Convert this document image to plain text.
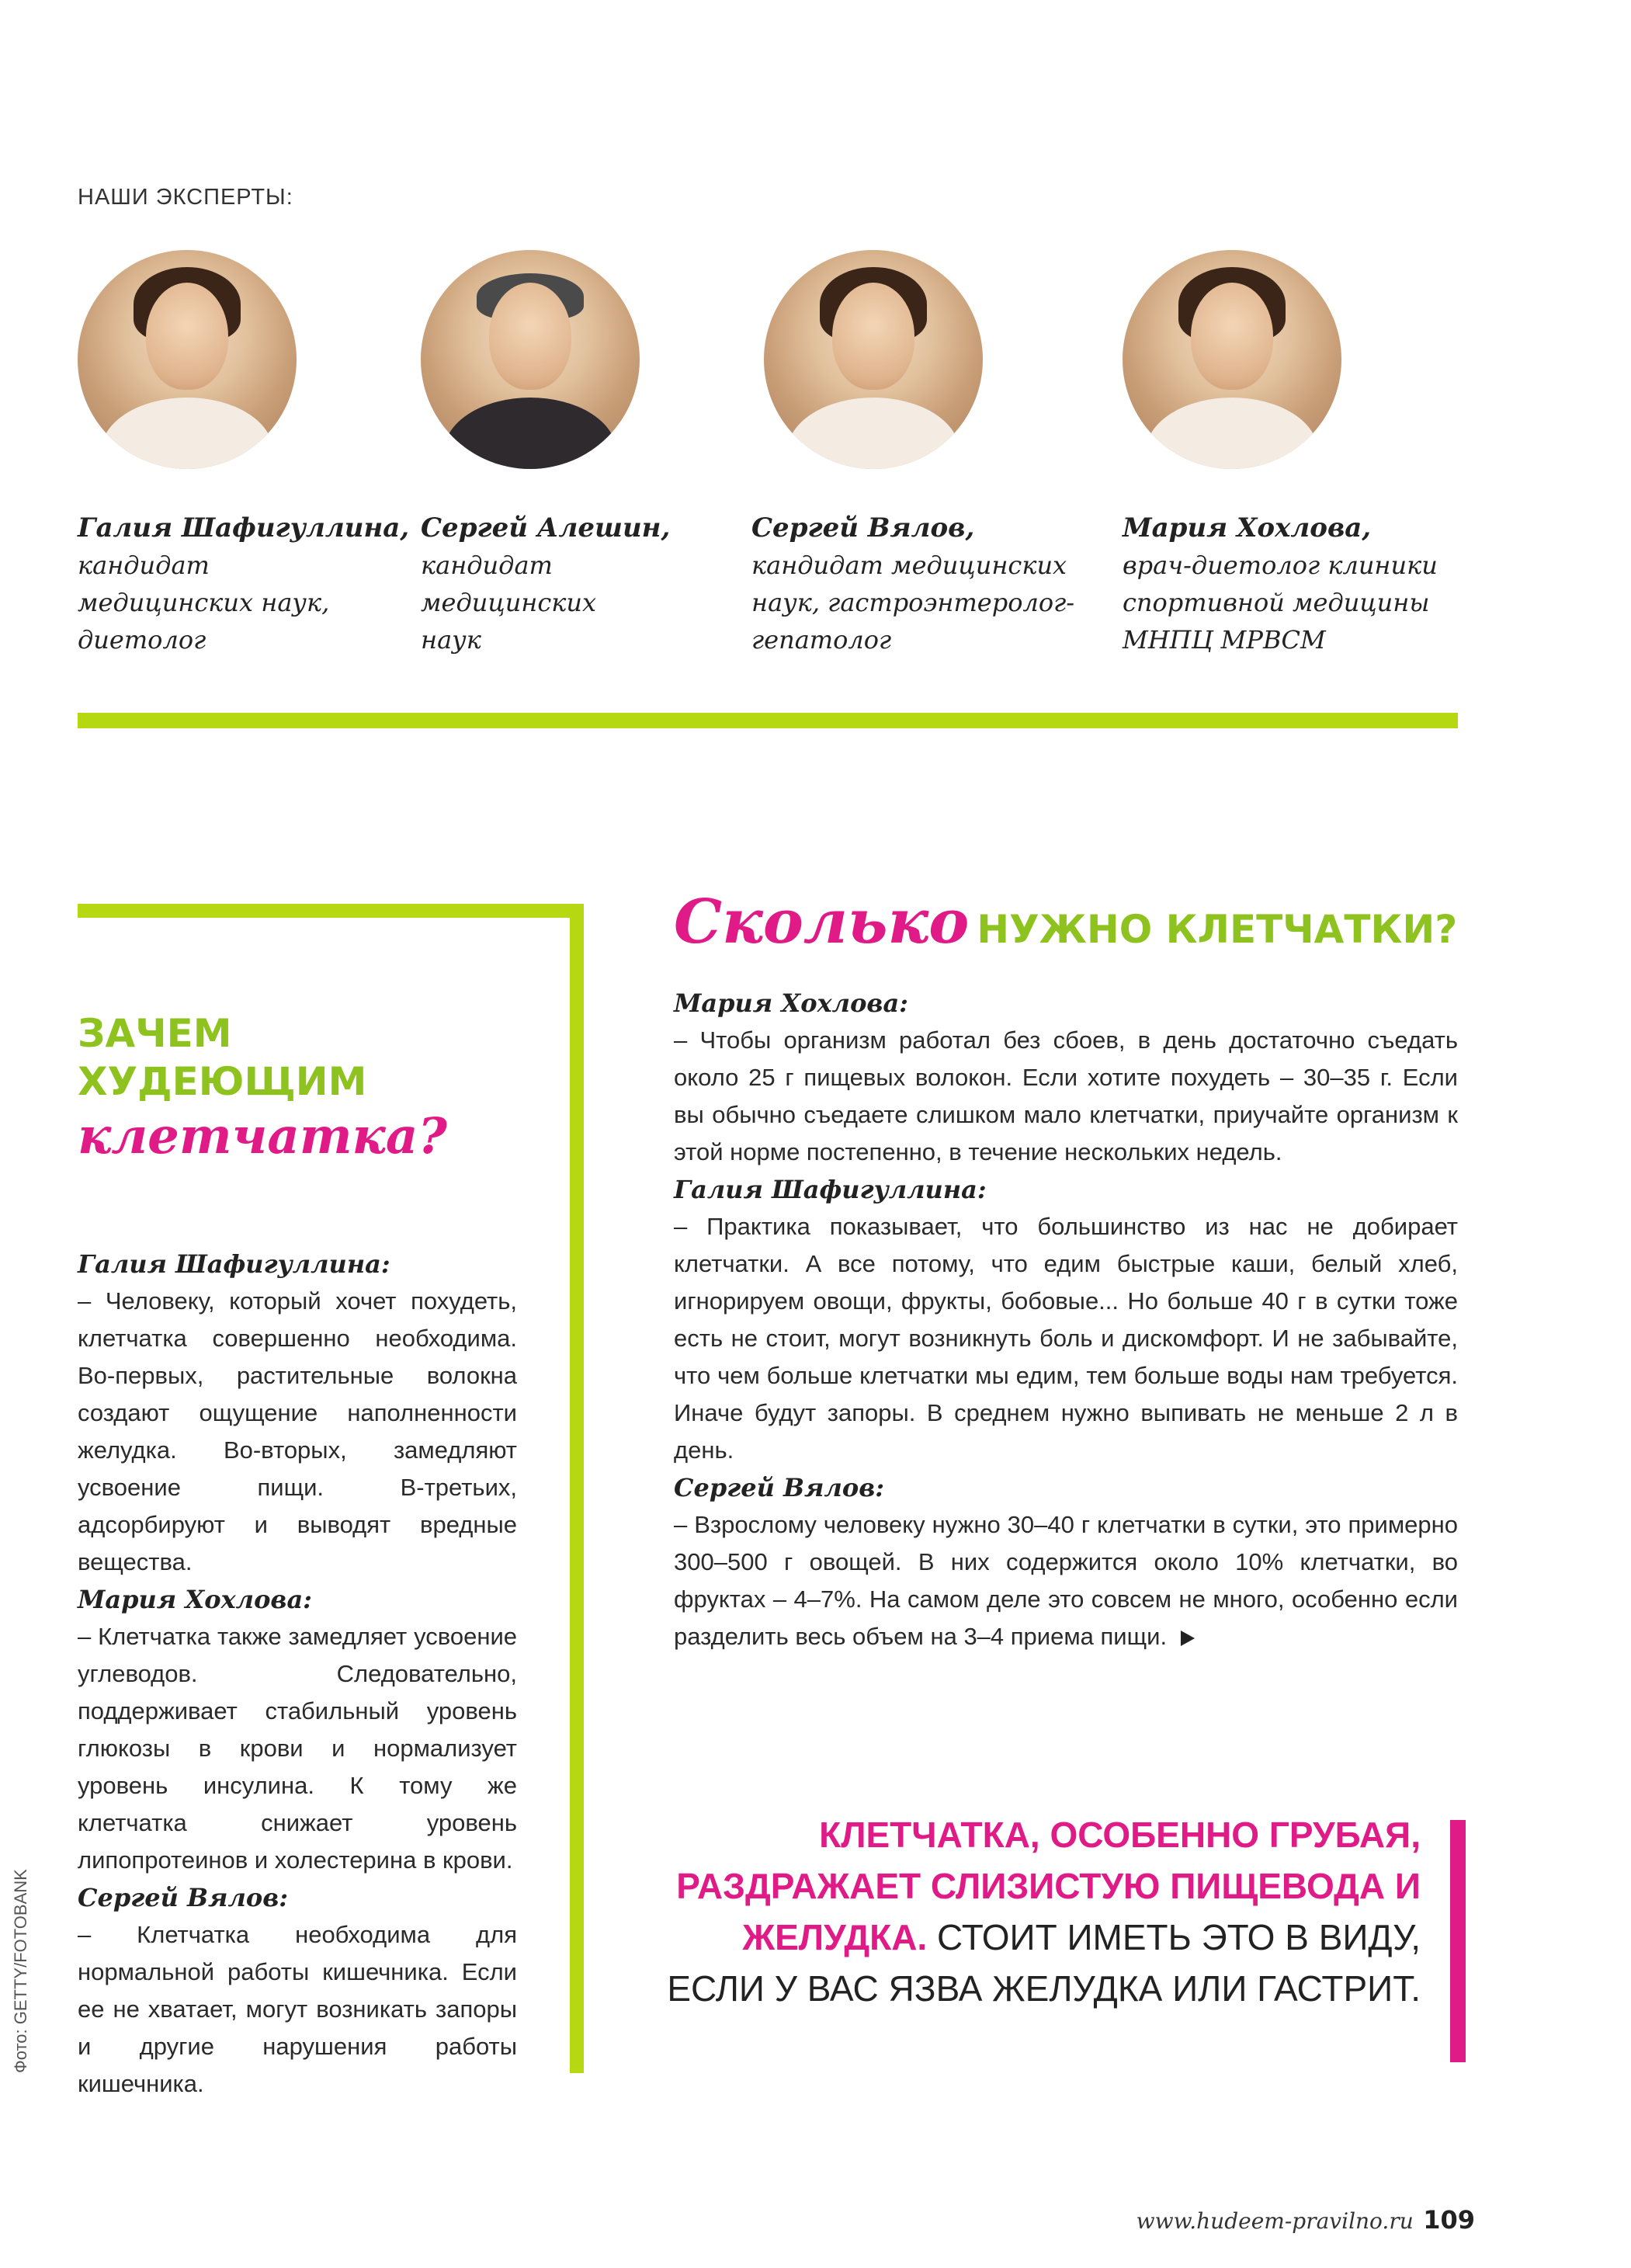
НАШИ ЭКСПЕРТЫ:
Галия Шафигуллина,
кандидат
медицинских наук,
диетолог
Сергей Алешин,
кандидат
медицинских
наук
Сергей Вялов,
кандидат медицинских
наук, гастроэнтеролог-
гепатолог
Мария Хохлова,
врач-диетолог клиники
спортивной медицины
МНПЦ МРВСМ
ЗАЧЕМ
ХУДЕЮЩИМ
клетчатка?
Галия Шафигуллина:
– Человеку, который хочет похудеть, клетчатка совершенно необходима. Во-первых, растительные волокна создают ощущение наполненности желудка. Во-вторых, замедляют усвоение пищи. В-третьих, адсорбируют и выводят вредные вещества.
Мария Хохлова:
– Клетчатка также замедляет усвоение углеводов. Следовательно, поддерживает стабильный уровень глюкозы в крови и нормализует уровень инсулина. К тому же клетчатка снижает уровень липопротеинов и холестерина в крови.
Сергей Вялов:
– Клетчатка необходима для нормальной работы кишечника. Если ее не хватает, могут возникать запоры и другие нарушения работы кишечника.
Сколько НУЖНО КЛЕТЧАТКИ?
Мария Хохлова:
– Чтобы организм работал без сбоев, в день достаточно съедать около 25 г пищевых волокон. Если хотите похудеть – 30–35 г. Если вы обычно съедаете слишком мало клетчатки, приучайте организм к этой норме постепенно, в течение нескольких недель.
Галия Шафигуллина:
– Практика показывает, что большинство из нас не добирает клетчатки. А все потому, что едим быстрые каши, белый хлеб, игнорируем овощи, фрукты, бобовые... Но больше 40 г в сутки тоже есть не стоит, могут возникнуть боль и дискомфорт. И не забывайте, что чем больше клетчатки мы едим, тем больше воды нам требуется. Иначе будут запоры. В среднем нужно выпивать не меньше 2 л в день.
Сергей Вялов:
– Взрослому человеку нужно 30–40 г клетчатки в сутки, это примерно 300–500 г овощей. В них содержится около 10% клетчатки, во фруктах – 4–7%. На самом деле это совсем не много, особенно если разделить весь объем на 3–4 приема пищи.
КЛЕТЧАТКА, ОСОБЕННО ГРУБАЯ, РАЗДРАЖАЕТ СЛИЗИСТУЮ ПИЩЕВОДА И ЖЕЛУДКА. СТОИТ ИМЕТЬ ЭТО В ВИДУ, ЕСЛИ У ВАС ЯЗВА ЖЕЛУДКА ИЛИ ГАСТРИТ.
Фото: GETTY/FOTOBANK
www.hudeem-pravilno.ru 109
